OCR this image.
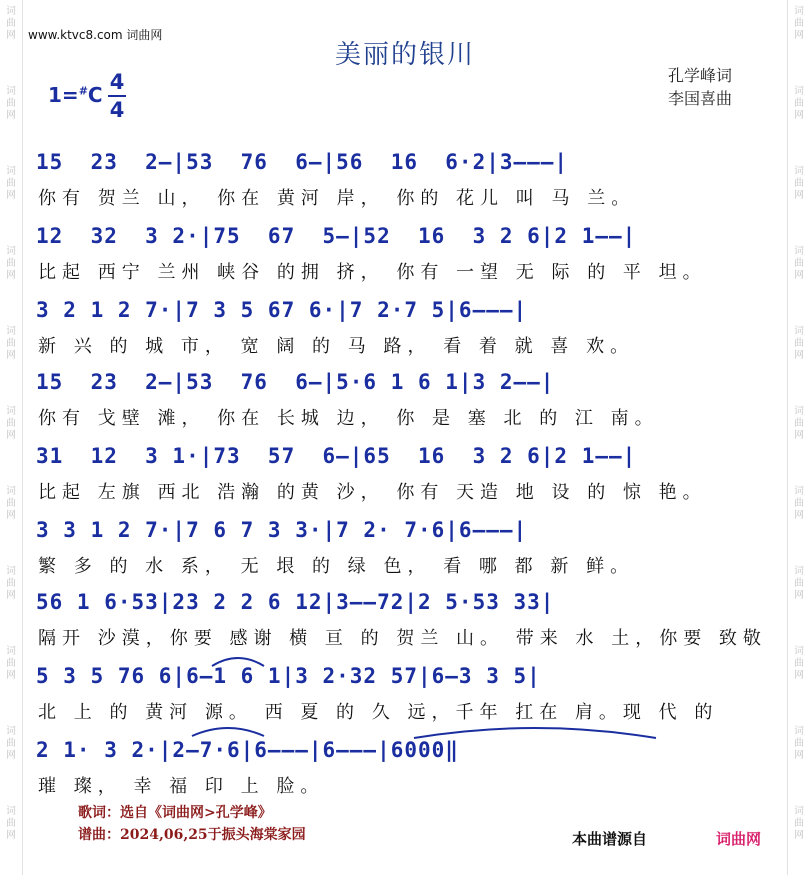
www.ktvc8.com 词曲网
美丽的银川
孔学峰词
李国喜曲
1=#C
4
4
15  23  2–|53  76  6–|56  16  6·2|3–––|
你有 贺兰 山， 你在 黄河 岸， 你的 花儿 叫 马 兰。
12  32  3 2·|75  67  5–|52  16  3 2 6|2 1––|
比起 西宁 兰州 峡谷 的拥 挤， 你有 一望 无 际 的 平 坦。
3 2 1 2 7·|7 3 5 67 6·|7 2·7 5|6–––|
新 兴 的 城 市， 宽 阔 的 马 路， 看 着 就 喜 欢。
15  23  2–|53  76  6–|5·6 1 6 1|3 2––|
你有 戈壁 滩， 你在 长城 边， 你 是 塞 北 的 江 南。
31  12  3 1·|73  57  6–|65  16  3 2 6|2 1––|
比起 左旗 西北 浩瀚 的黄 沙， 你有 天造 地 设 的 惊 艳。
3 3 1 2 7·|7 6 7 3 3·|7 2· 7·6|6–––|
繁 多 的 水 系， 无 垠 的 绿 色， 看 哪 都 新 鲜。
56 1 6·53|23 2 2 6 12|3––72|2 5·53 33|
隔开 沙漠，你要 感谢 横 亘 的 贺兰 山。 带来 水 土，你要 致敬
5 3 5 76 6|6–1 6 1|3 2·32 57|6–3 3 5|
北 上 的 黄河 源。 西 夏 的 久 远，千年 扛在 肩。现 代 的
2 1· 3 2·|2–7·6|6–––|6–––|6000‖
璀 璨， 幸 福 印 上 脸。
歌词：选自《词曲网>孔学峰》
谱曲：2024,06,25于振头海棠家园	本曲谱源自	词曲网
词曲网
词曲网
词曲网
词曲网
词曲网
词曲网
词曲网
词曲网
词曲网
词曲网
词曲网
词曲网
词曲网
词曲网
词曲网
词曲网
词曲网
词曲网
词曲网
词曲网
词曲网
词曲网
